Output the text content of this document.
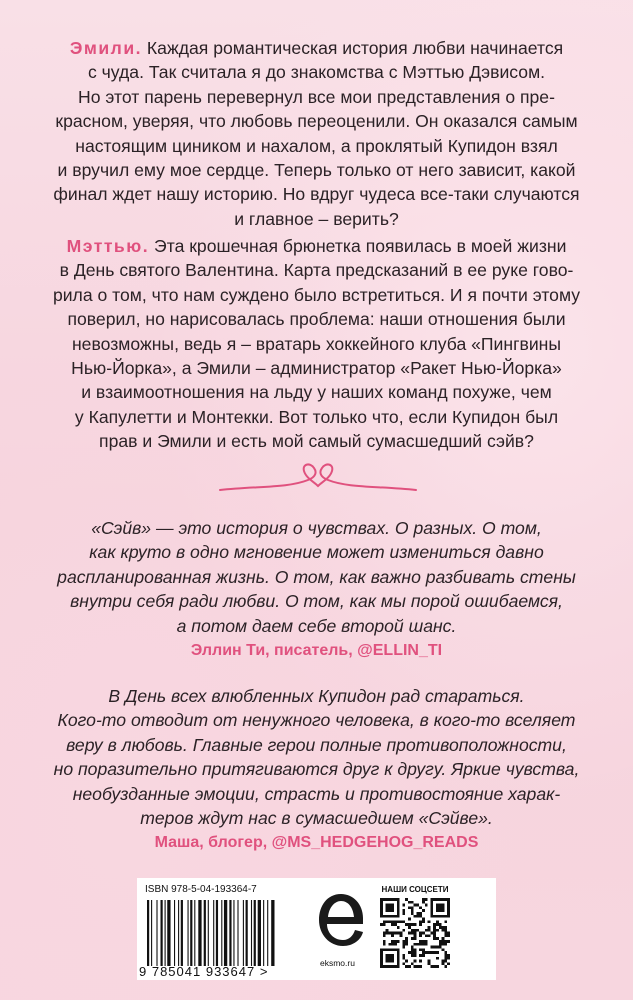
Эмили. Каждая романтическая история любви начинается
с чуда. Так считала я до знакомства с Мэттью Дэвисом.
Но этот парень перевернул все мои представления о пре-
красном, уверяя, что любовь переоценили. Он оказался самым
настоящим циником и нахалом, а проклятый Купидон взял
и вручил ему мое сердце. Теперь только от него зависит, какой
финал ждет нашу историю. Но вдруг чудеса все-таки случаются
и главное – верить?

Мэттью. Эта крошечная брюнетка появилась в моей жизни
в День святого Валентина. Карта предсказаний в ее руке гово-
рила о том, что нам суждено было встретиться. И я почти этому
поверил, но нарисовалась проблема: наши отношения были
невозможны, ведь я – вратарь хоккейного клуба «Пингвины
Нью-Йорка», а Эмили – администратор «Ракет Нью-Йорка»
и взаимоотношения на льду у наших команд похуже, чем
у Капулетти и Монтекки. Вот только что, если Купидон был
прав и Эмили и есть мой самый сумасшедший сэйв?

«Сэйв» — это история о чувствах. О разных. О том,
как круто в одно мгновение может измениться давно
распланированная жизнь. О том, как важно разбивать стены
внутри себя ради любви. О том, как мы порой ошибаемся,
а потом даем себе второй шанс.

Эллин Ти, писатель, @ELLIN_TI

В День всех влюбленных Купидон рад стараться.
Кого-то отводит от ненужного человека, в кого-то вселяет
веру в любовь. Главные герои полные противоположности,
но поразительно притягиваются друг к другу. Яркие чувства,
необузданные эмоции, страсть и противостояние харак-
теров ждут нас в сумасшедшем «Сэйве».

Маша, блогер, @MS_HEDGEHOG_READS
ISBN 978-5-04-193364-7
9 785041 933647 >
eksmo.ru
НАШИ СОЦСЕТИ
